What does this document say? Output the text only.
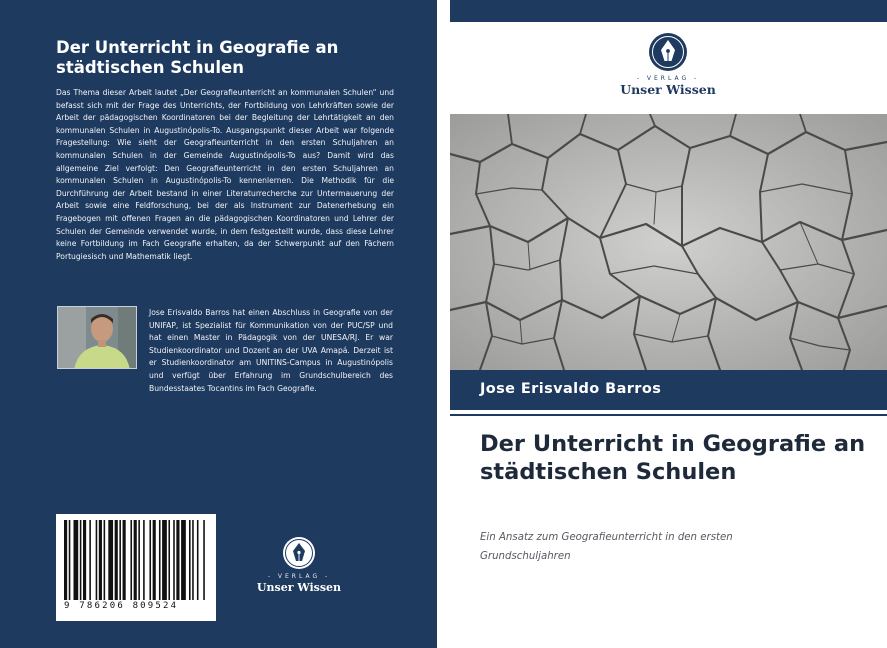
Der Unterricht in Geografie an städtischen Schulen
Das Thema dieser Arbeit lautet „Der Geografieunterricht an kommunalen Schulen“ und befasst sich mit der Frage des Unterrichts, der Fortbildung von Lehrkräften sowie der Arbeit der pädagogischen Koordinatoren bei der Begleitung der Lehrtätigkeit an den kommunalen Schulen in Augustinópolis-To. Ausgangspunkt dieser Arbeit war folgende Fragestellung: Wie sieht der Geografieunterricht in den ersten Schuljahren an kommunalen Schulen in der Gemeinde Augustinópolis-To aus? Damit wird das allgemeine Ziel verfolgt: Den Geografieunterricht in den ersten Schuljahren an kommunalen Schulen in Augustinópolis-To kennenlernen. Die Methodik für die Durchführung der Arbeit bestand in einer Literaturrecherche zur Untermauerung der Arbeit sowie eine Feldforschung, bei der als Instrument zur Datenerhebung ein Fragebogen mit offenen Fragen an die pädagogischen Koordinatoren und Lehrer der Schulen der Gemeinde verwendet wurde, in dem festgestellt wurde, dass diese Lehrer keine Fortbildung im Fach Geografie erhalten, da der Schwerpunkt auf den Fächern Portugiesisch und Mathematik liegt.
Jose Erisvaldo Barros hat einen Abschluss in Geografie von der UNIFAP, ist Spezialist für Kommunikation von der PUC/SP und hat einen Master in Pädagogik von der UNESA/RJ. Er war Studienkoordinator und Dozent an der UVA Amapá. Derzeit ist er Studienkoordinator am UNITINS-Campus in Augustinópolis und verfügt über Erfahrung im Grundschulbereich des Bundesstaates Tocantins im Fach Geografie.
9 786206 809524
- VERLAG -
Unser Wissen
- VERLAG -
Unser Wissen
Jose Erisvaldo Barros
Der Unterricht in Geografie an städtischen Schulen
Ein Ansatz zum Geografieunterricht in den ersten Grundschuljahren
